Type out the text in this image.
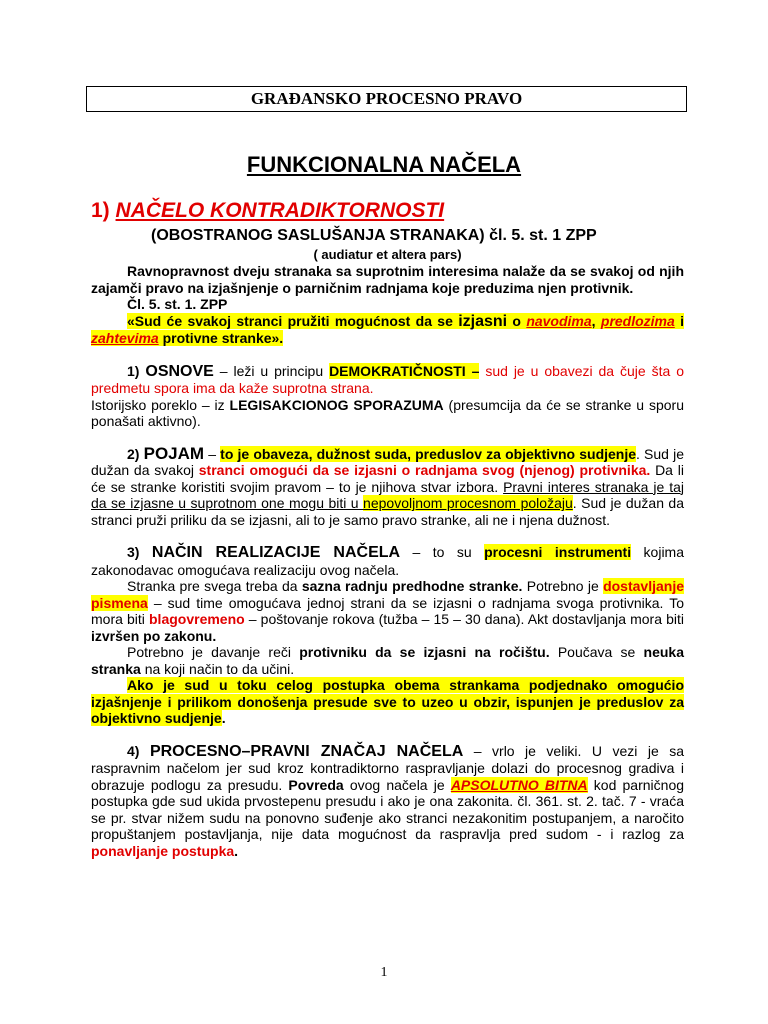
GRAĐANSKO PROCESNO PRAVO
FUNKCIONALNA NAČELA

1) NAČELO KONTRADIKTORNOSTI

(OBOSTRANOG SASLUŠANJA STRANAKA) čl. 5. st. 1 ZPP

( audiatur et altera pars)

Ravnopravnost dveju stranaka sa suprotnim interesima nalaže da se svakoj od njih zajamči pravo na izjašnjenje o parničnim radnjama koje preduzima njen protivnik.

Čl. 5. st. 1. ZPP

«Sud će svakoj stranci pružiti mogućnost da se izjasni o navodima, predlozima i zahtevima protivne stranke».

1) OSNOVE – leži u principu DEMOKRATIČNOSTI – sud je u obavezi da čuje šta o predmetu spora ima da kaže suprotna strana.

Istorijsko poreklo – iz LEGISAKCIONOG SPORAZUMA (presumcija da će se stranke u sporu ponašati aktivno).

2) POJAM – to je obaveza, dužnost suda, preduslov za objektivno sudjenje. Sud je dužan da svakoj stranci omogući da se izjasni o radnjama svog (njenog) protivnika. Da li će se stranke koristiti svojim pravom – to je njihova stvar izbora. Pravni interes stranaka je taj da se izjasne u suprotnom one mogu biti u nepovoljnom procesnom položaju. Sud je dužan da stranci pruži priliku da se izjasni, ali to je samo pravo stranke, ali ne i njena dužnost.

3) NAČIN REALIZACIJE NAČELA – to su procesni instrumenti kojima zakonodavac omogućava realizaciju ovog načela.

Stranka pre svega treba da sazna radnju predhodne stranke. Potrebno je dostavljanje pismena – sud time omogućava jednoj strani da se izjasni o radnjama svoga protivnika. To mora biti blagovremeno – poštovanje rokova (tužba – 15 – 30 dana). Akt dostavljanja mora biti izvršen po zakonu.

Potrebno je davanje reči protivniku da se izjasni na ročištu. Poučava se neuka stranka na koji način to da učini.

Ako je sud u toku celog postupka obema strankama podjednako omogućio izjašnjenje i prilikom donošenja presude sve to uzeo u obzir, ispunjen je preduslov za objektivno sudjenje.

4) PROCESNO–PRAVNI ZNAČAJ NAČELA – vrlo je veliki. U vezi je sa raspravnim načelom jer sud kroz kontradiktorno raspravljanje dolazi do procesnog gradiva i obrazuje podlogu za presudu. Povreda ovog načela je APSOLUTNO BITNA kod parničnog postupka gde sud ukida prvostepenu presudu i ako je ona zakonita. čl. 361. st. 2. tač. 7 - vraća se pr. stvar nižem sudu na ponovno suđenje ako stranci nezakonitim postupanjem, a naročito propuštanjem postavljanja, nije data mogućnost da raspravlja pred sudom - i razlog za ponavljanje postupka.

1
